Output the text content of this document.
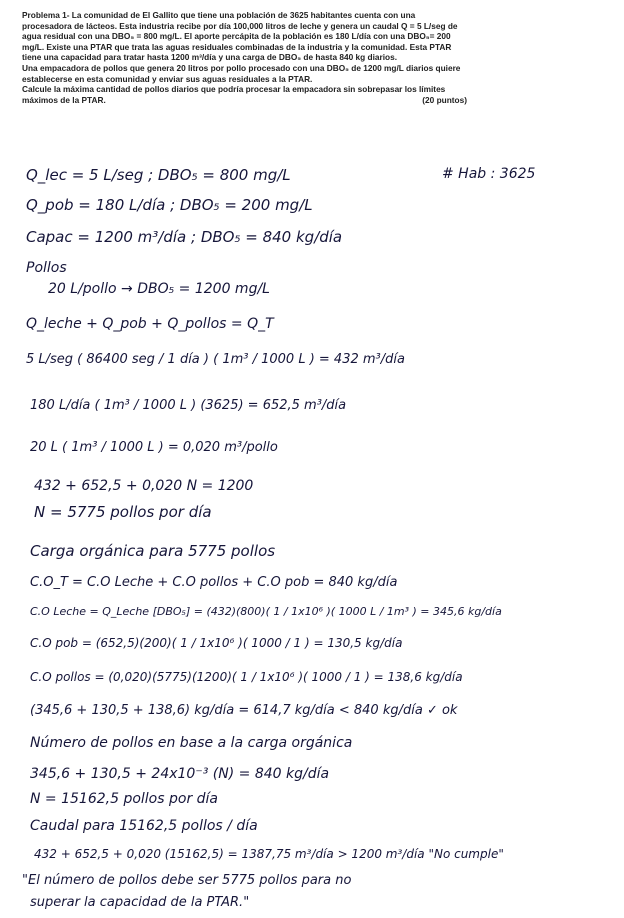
Problema 1- La comunidad de El Gallito que tiene una población de 3625 habitantes cuenta con una procesadora de lácteos. Esta industria recibe por día 100,000 litros de leche y genera un caudal Q = 5 L/seg de agua residual con una DBO₅ = 800 mg/L. El aporte percápita de la población es 180 L/día con una DBO₅= 200 mg/L. Existe una PTAR que trata las aguas residuales combinadas de la industria y la comunidad. Esta PTAR tiene una capacidad para tratar hasta 1200 m³/día y una carga de DBO₅ de hasta 840 kg diarios.

Una empacadora de pollos que genera 20 litros por pollo procesado con una DBO₅ de 1200 mg/L diarios quiere establecerse en esta comunidad y enviar sus aguas residuales a la PTAR.

Calcule la máxima cantidad de pollos diarios que podría procesar la empacadora sin sobrepasar los límites máximos de la PTAR.	(20 puntos)

Q_lec = 5 L/seg ; DBO₅ = 800 mg/L	# Hab : 3625
Q_pob = 180 L/día ; DBO₅ = 200 mg/L
Capac = 1200 m³/día ; DBO₅ = 840 kg/día
Pollos
20 L/pollo → DBO₅ = 1200 mg/L
Q_leche + Q_pob + Q_pollos = Q_T
5 L/seg ( 86400 seg / 1 día ) ( 1m³ / 1000 L ) = 432 m³/día
180 L/día ( 1m³ / 1000 L ) (3625) = 652,5 m³/día
20 L ( 1m³ / 1000 L ) = 0,020 m³/pollo
432 + 652,5 + 0,020 N = 1200
N = 5775 pollos por día
Carga orgánica para 5775 pollos
C.O_T = C.O Leche + C.O pollos + C.O pob = 840 kg/día
C.O Leche = Q_Leche [DBO₅] = (432)(800)( 1 / 1x10⁶ )( 1000 L / 1m³ ) = 345,6 kg/día
C.O pob = (652,5)(200)( 1 / 1x10⁶ )( 1000 / 1 ) = 130,5 kg/día
C.O pollos = (0,020)(5775)(1200)( 1 / 1x10⁶ )( 1000 / 1 ) = 138,6 kg/día
(345,6 + 130,5 + 138,6) kg/día = 614,7 kg/día < 840 kg/día ✓ ok
Número de pollos en base a la carga orgánica
345,6 + 130,5 + 24x10⁻³ (N) = 840 kg/día
N = 15162,5 pollos por día
Caudal para 15162,5 pollos / día
432 + 652,5 + 0,020 (15162,5) = 1387,75 m³/día > 1200 m³/día "No cumple"
"El número de pollos debe ser 5775 pollos para no
superar la capacidad de la PTAR."
